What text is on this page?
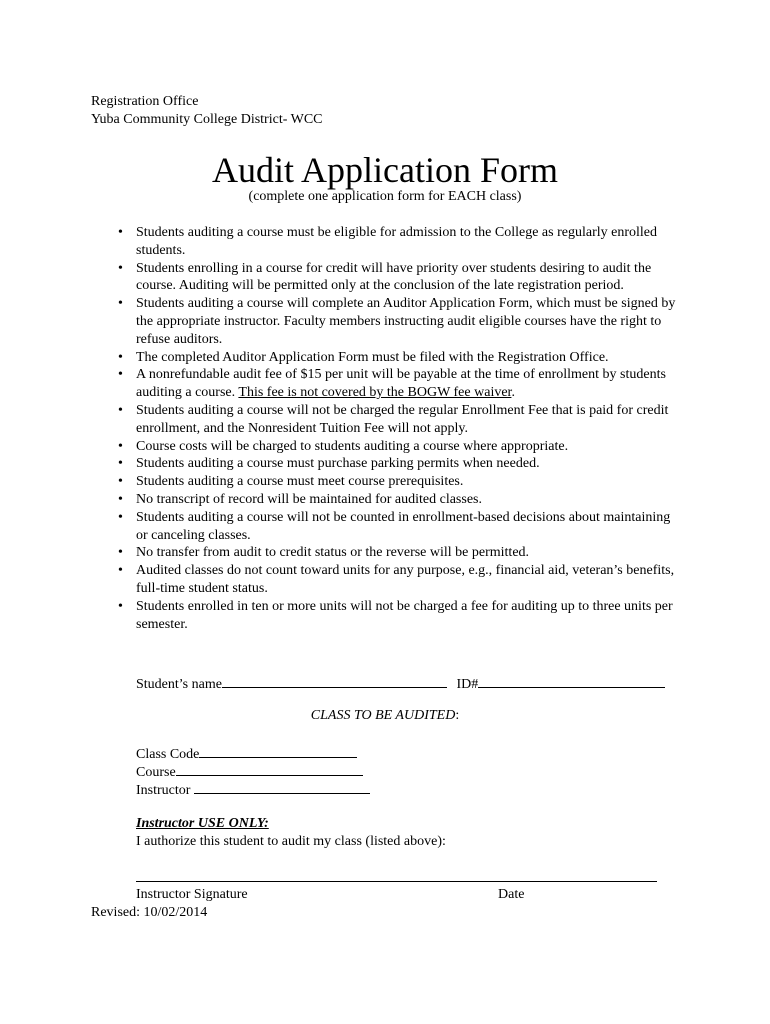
Registration Office
Yuba Community College District- WCC
Audit Application Form
(complete one application form for EACH class)
• Students auditing a course must be eligible for admission to the College as regularly enrolled students.
• Students enrolling in a course for credit will have priority over students desiring to audit the course. Auditing will be permitted only at the conclusion of the late registration period.
• Students auditing a course will complete an Auditor Application Form, which must be signed by the appropriate instructor. Faculty members instructing audit eligible courses have the right to refuse auditors.
• The completed Auditor Application Form must be filed with the Registration Office.
• A nonrefundable audit fee of $15 per unit will be payable at the time of enrollment by students auditing a course. This fee is not covered by the BOGW fee waiver.
• Students auditing a course will not be charged the regular Enrollment Fee that is paid for credit enrollment, and the Nonresident Tuition Fee will not apply.
• Course costs will be charged to students auditing a course where appropriate.
• Students auditing a course must purchase parking permits when needed.
• Students auditing a course must meet course prerequisites.
• No transcript of record will be maintained for audited classes.
• Students auditing a course will not be counted in enrollment-based decisions about maintaining or canceling classes.
• No transfer from audit to credit status or the reverse will be permitted.
• Audited classes do not count toward units for any purpose, e.g., financial aid, veteran’s benefits, full-time student status.
• Students enrolled in ten or more units will not be charged a fee for auditing up to three units per semester.
Student’s name	ID#
CLASS TO BE AUDITED:
Class Code
Course
Instructor
Instructor USE ONLY:
I authorize this student to audit my class (listed above):
Instructor Signature	Date
Revised: 10/02/2014
